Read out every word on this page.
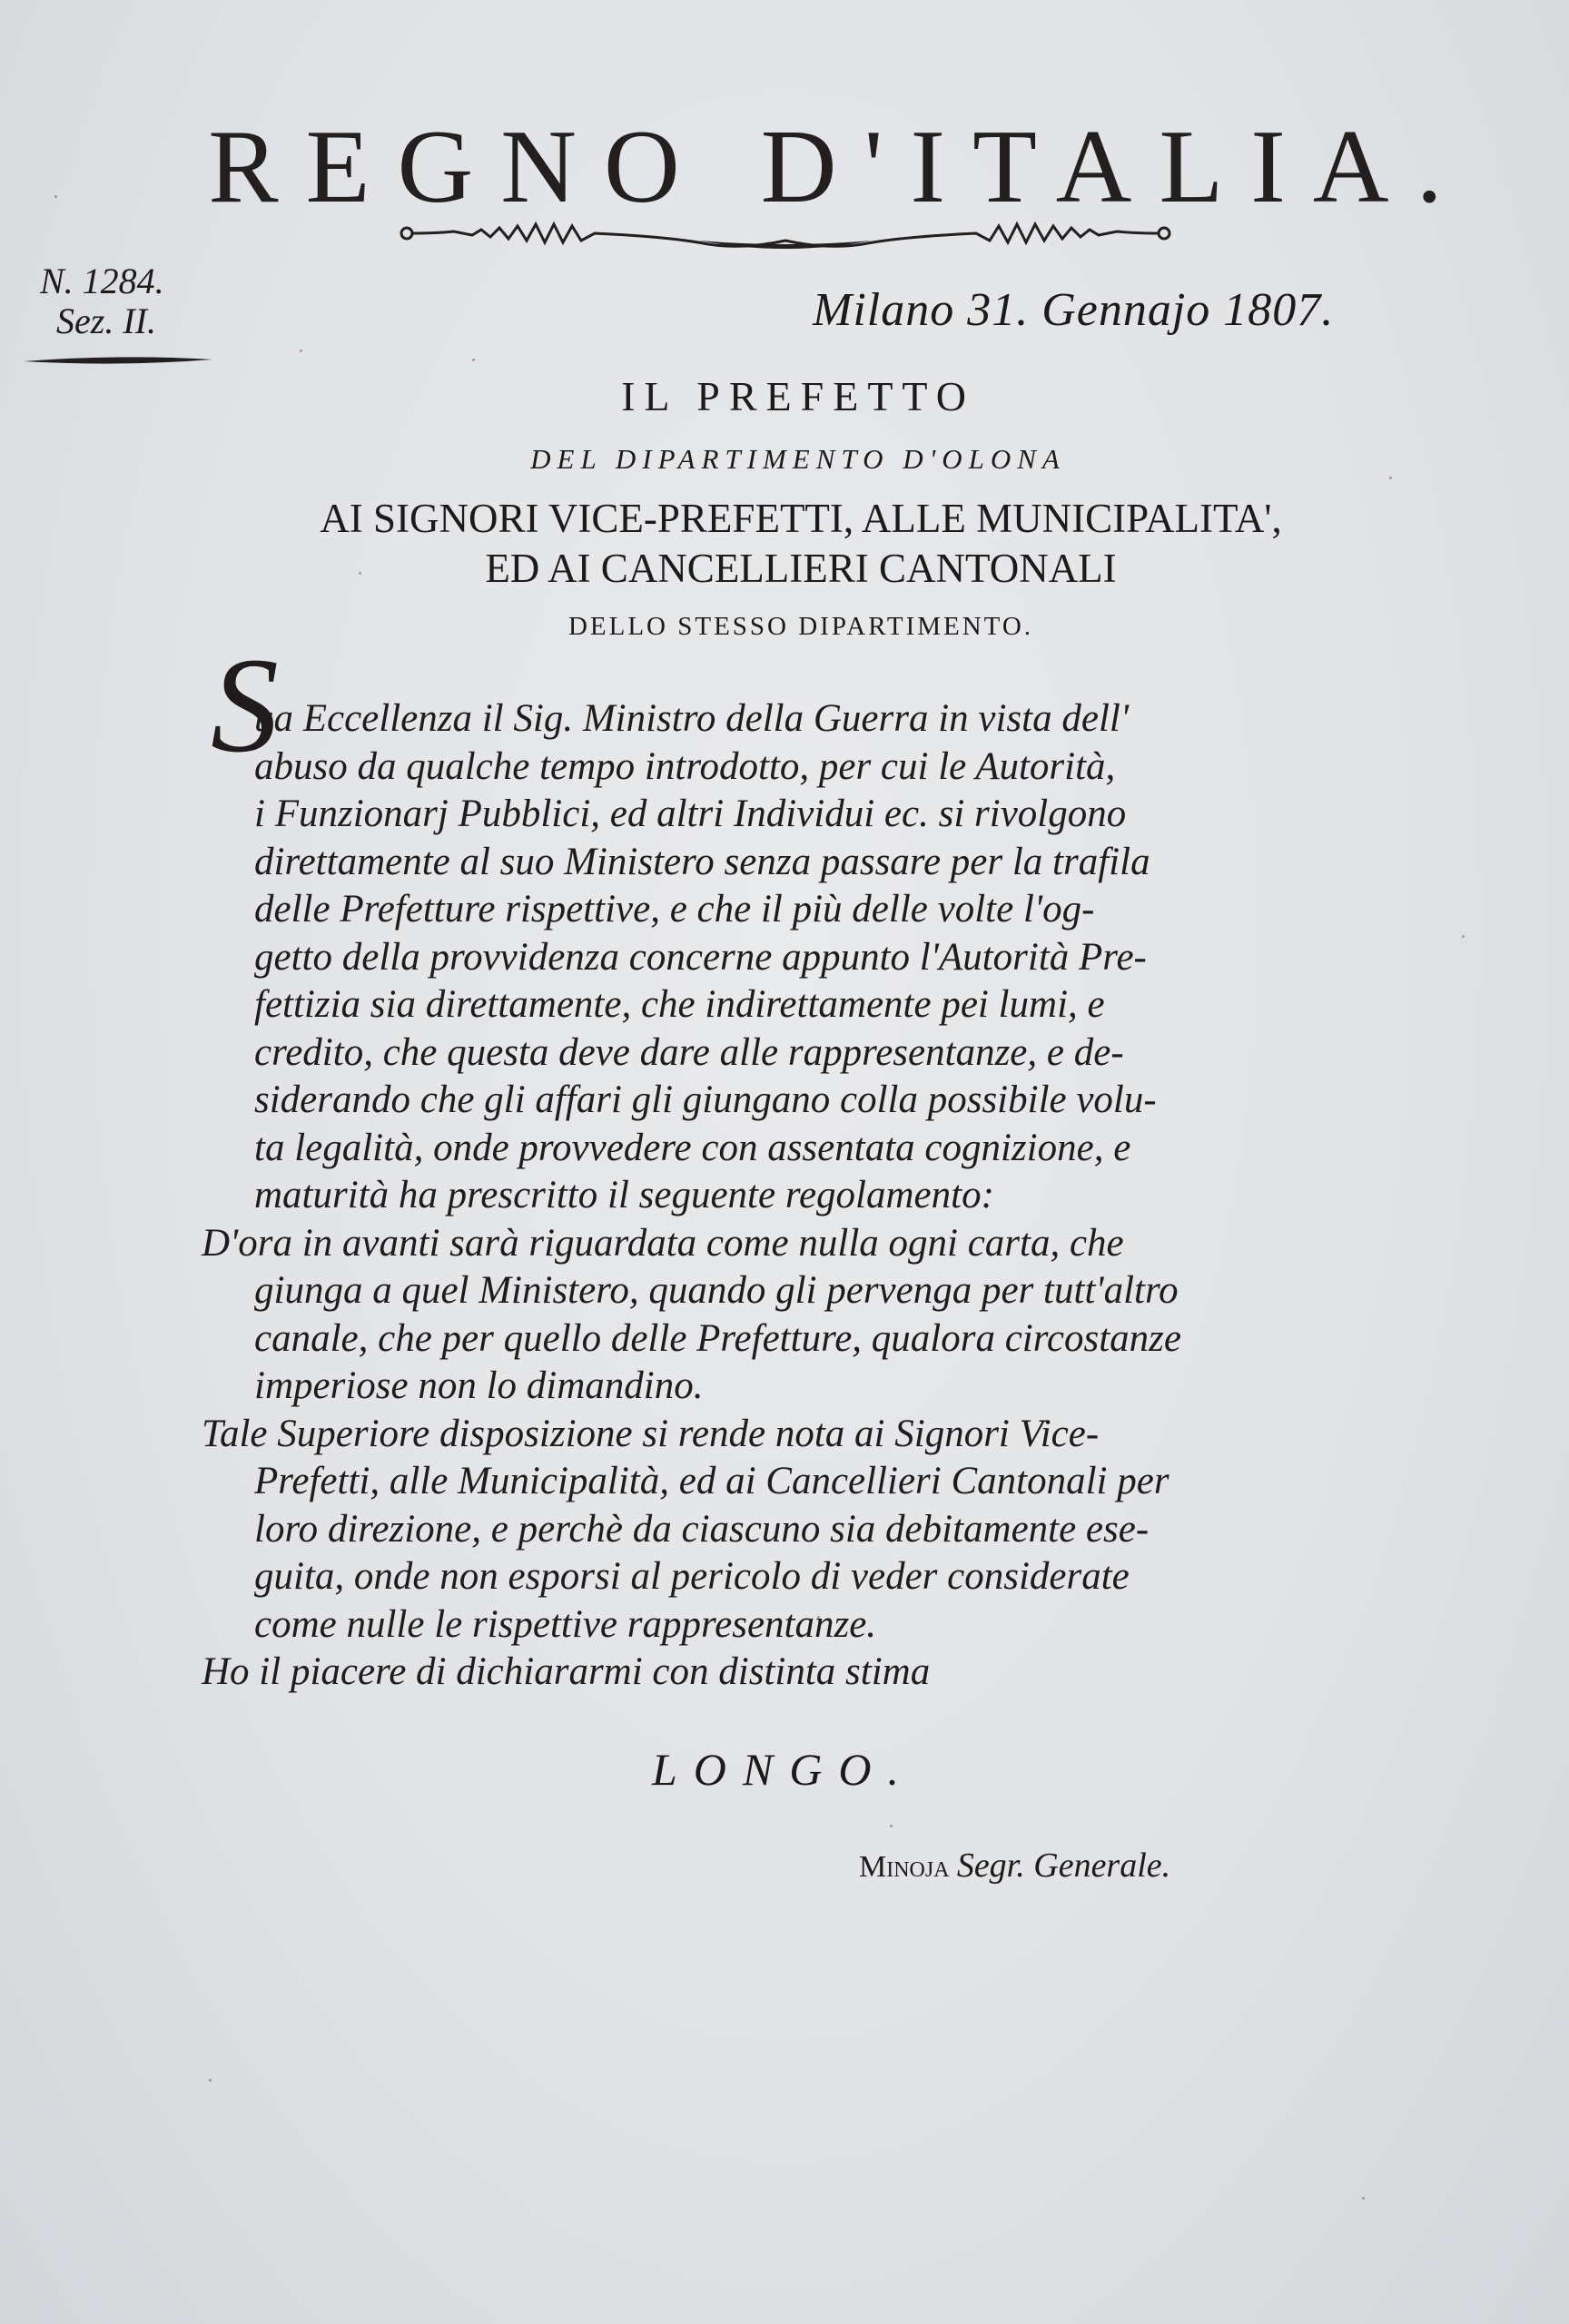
REGNO D'ITALIA.
N. 1284.
Sez. II.	Milano 31. Gennajo 1807.
IL PREFETTO
DEL DIPARTIMENTO D'OLONA
AI SIGNORI VICE-PREFETTI, ALLE MUNICIPALITA',
ED AI CANCELLIERI CANTONALI
DELLO STESSO DIPARTIMENTO.
S
ua Eccellenza il Sig. Ministro della Guerra in vista dell'
abuso da qualche tempo introdotto, per cui le Autorità,
i Funzionarj Pubblici, ed altri Individui ec. si rivolgono
direttamente al suo Ministero senza passare per la trafila
delle Prefetture rispettive, e che il più delle volte l'og-
getto della provvidenza concerne appunto l'Autorità Pre-
fettizia sia direttamente, che indirettamente pei lumi, e
credito, che questa deve dare alle rappresentanze, e de-
siderando che gli affari gli giungano colla possibile volu-
ta legalità, onde provvedere con assentata cognizione, e
maturità ha prescritto il seguente regolamento:
D'ora in avanti sarà riguardata come nulla ogni carta, che
giunga a quel Ministero, quando gli pervenga per tutt'altro
canale, che per quello delle Prefetture, qualora circostanze
imperiose non lo dimandino.
Tale Superiore disposizione si rende nota ai Signori Vice-
Prefetti, alle Municipalità, ed ai Cancellieri Cantonali per
loro direzione, e perchè da ciascuno sia debitamente ese-
guita, onde non esporsi al pericolo di veder considerate
come nulle le rispettive rappresentanze.
Ho il piacere di dichiararmi con distinta stima
LONGO.
Minoja Segr. Generale.
